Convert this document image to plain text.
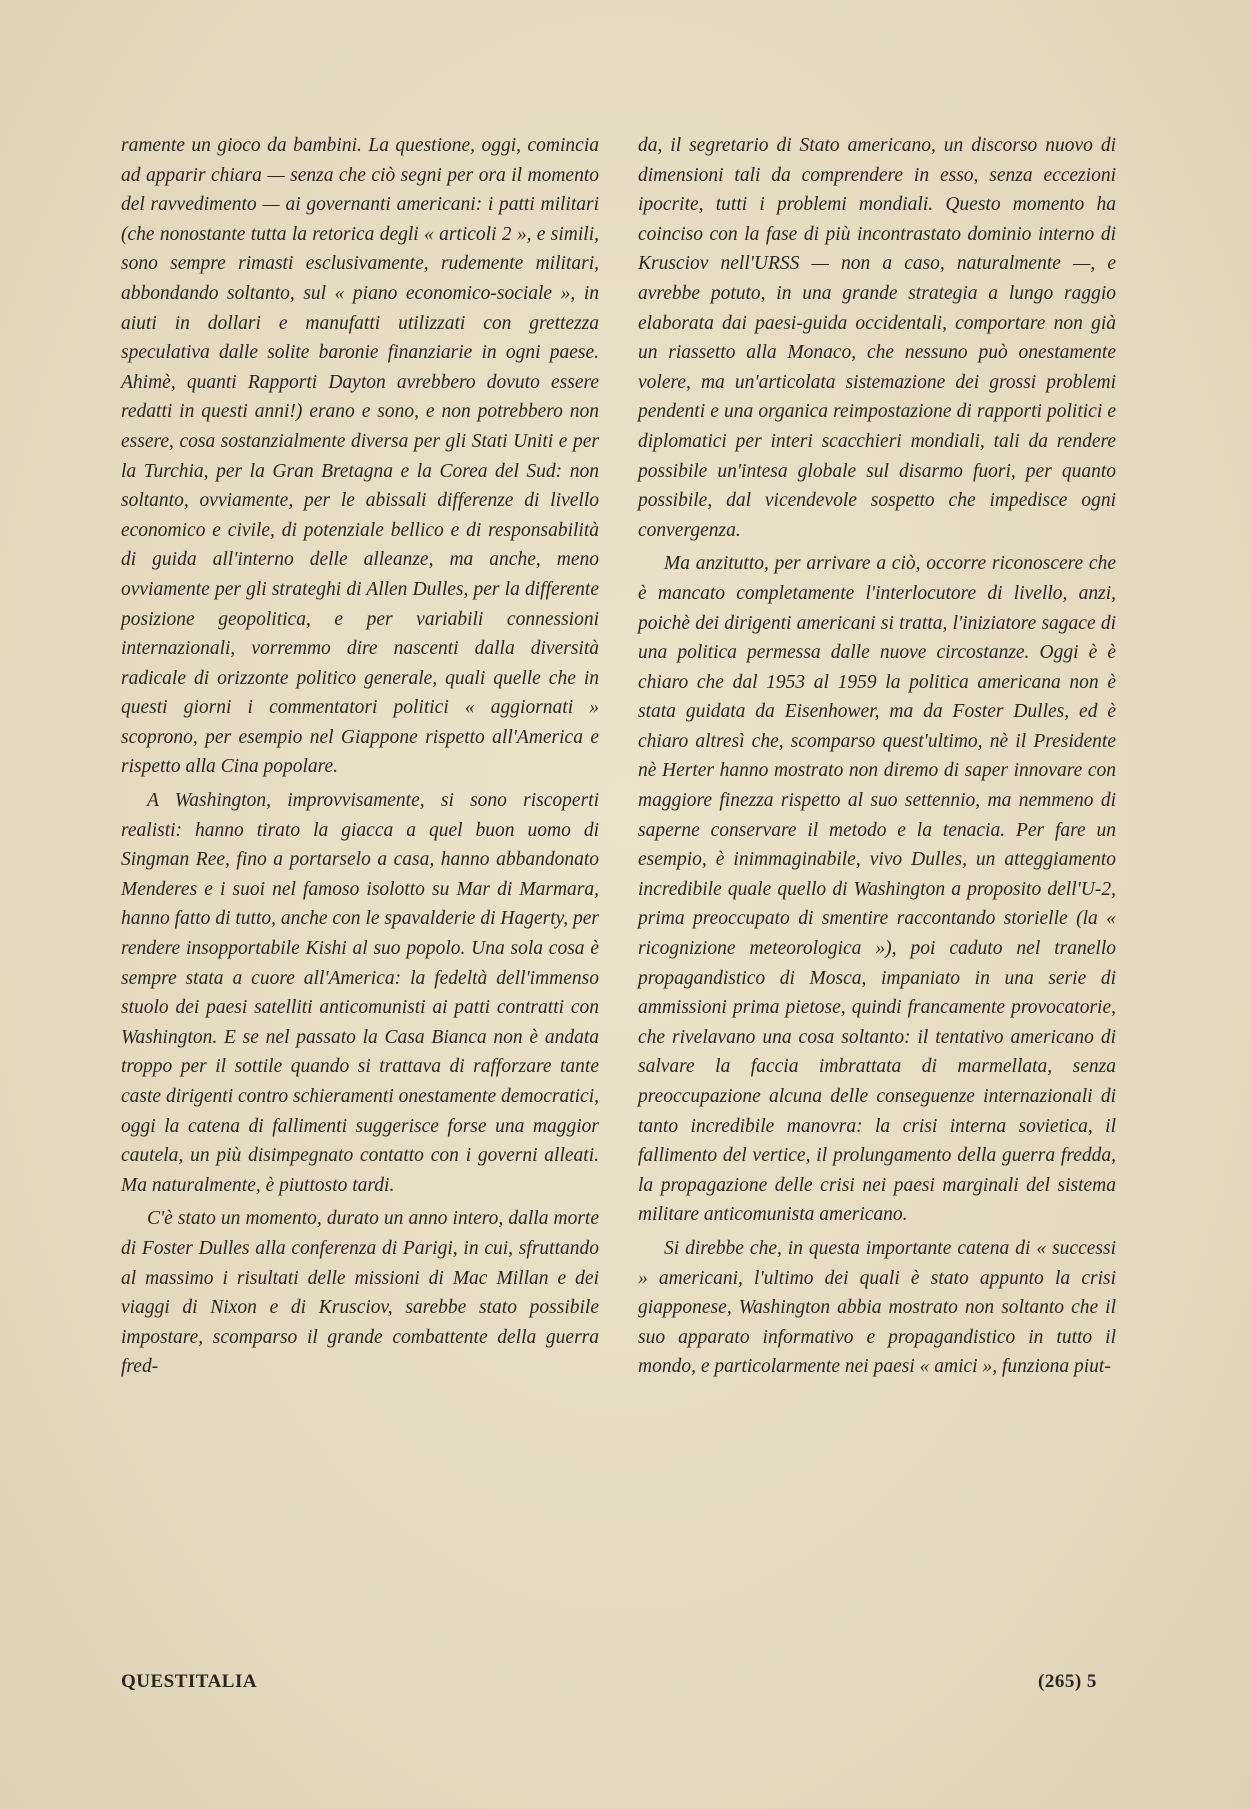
ramente un gioco da bambini. La questione, oggi, comincia ad apparir chiara — senza che ciò segni per ora il momento del ravvedimento — ai governanti americani: i patti militari (che nonostante tutta la retorica degli « articoli 2 », e simili, sono sempre rimasti esclusivamente, rudemente militari, abbondando soltanto, sul « piano economico-sociale », in aiuti in dollari e manufatti utilizzati con grettezza speculativa dalle solite baronie finanziarie in ogni paese. Ahimè, quanti Rapporti Dayton avrebbero dovuto essere redatti in questi anni!) erano e sono, e non potrebbero non essere, cosa sostanzialmente diversa per gli Stati Uniti e per la Turchia, per la Gran Bretagna e la Corea del Sud: non soltanto, ovviamente, per le abissali differenze di livello economico e civile, di potenziale bellico e di responsabilità di guida all'interno delle alleanze, ma anche, meno ovviamente per gli strateghi di Allen Dulles, per la differente posizione geopolitica, e per variabili connessioni internazionali, vorremmo dire nascenti dalla diversità radicale di orizzonte politico generale, quali quelle che in questi giorni i commentatori politici « aggiornati » scoprono, per esempio nel Giappone rispetto all'America e rispetto alla Cina popolare.

A Washington, improvvisamente, si sono riscoperti realisti: hanno tirato la giacca a quel buon uomo di Singman Ree, fino a portarselo a casa, hanno abbandonato Menderes e i suoi nel famoso isolotto su Mar di Marmara, hanno fatto di tutto, anche con le spavalderie di Hagerty, per rendere insopportabile Kishi al suo popolo. Una sola cosa è sempre stata a cuore all'America: la fedeltà dell'immenso stuolo dei paesi satelliti anticomunisti ai patti contratti con Washington. E se nel passato la Casa Bianca non è andata troppo per il sottile quando si trattava di rafforzare tante caste dirigenti contro schieramenti onestamente democratici, oggi la catena di fallimenti suggerisce forse una maggior cautela, un più disimpegnato contatto con i governi alleati. Ma naturalmente, è piuttosto tardi.

C'è stato un momento, durato un anno intero, dalla morte di Foster Dulles alla conferenza di Parigi, in cui, sfruttando al massimo i risultati delle missioni di Mac Millan e dei viaggi di Nixon e di Krusciov, sarebbe stato possibile impostare, scomparso il grande combattente della guerra fred-

da, il segretario di Stato americano, un discorso nuovo di dimensioni tali da comprendere in esso, senza eccezioni ipocrite, tutti i problemi mondiali. Questo momento ha coinciso con la fase di più incontrastato dominio interno di Krusciov nell'URSS — non a caso, naturalmente —, e avrebbe potuto, in una grande strategia a lungo raggio elaborata dai paesi-guida occidentali, comportare non già un riassetto alla Monaco, che nessuno può onestamente volere, ma un'articolata sistemazione dei grossi problemi pendenti e una organica reimpostazione di rapporti politici e diplomatici per interi scacchieri mondiali, tali da rendere possibile un'intesa globale sul disarmo fuori, per quanto possibile, dal vicendevole sospetto che impedisce ogni convergenza.

Ma anzitutto, per arrivare a ciò, occorre riconoscere che è mancato completamente l'interlocutore di livello, anzi, poichè dei dirigenti americani si tratta, l'iniziatore sagace di una politica permessa dalle nuove circostanze. Oggi è è chiaro che dal 1953 al 1959 la politica americana non è stata guidata da Eisenhower, ma da Foster Dulles, ed è chiaro altresì che, scomparso quest'ultimo, nè il Presidente nè Herter hanno mostrato non diremo di saper innovare con maggiore finezza rispetto al suo settennio, ma nemmeno di saperne conservare il metodo e la tenacia. Per fare un esempio, è inimmaginabile, vivo Dulles, un atteggiamento incredibile quale quello di Washington a proposito dell'U-2, prima preoccupato di smentire raccontando storielle (la « ricognizione meteorologica »), poi caduto nel tranello propagandistico di Mosca, impaniato in una serie di ammissioni prima pietose, quindi francamente provocatorie, che rivelavano una cosa soltanto: il tentativo americano di salvare la faccia imbrattata di marmellata, senza preoccupazione alcuna delle conseguenze internazionali di tanto incredibile manovra: la crisi interna sovietica, il fallimento del vertice, il prolungamento della guerra fredda, la propagazione delle crisi nei paesi marginali del sistema militare anticomunista americano.

Si direbbe che, in questa importante catena di « successi » americani, l'ultimo dei quali è stato appunto la crisi giapponese, Washington abbia mostrato non soltanto che il suo apparato informativo e propagandistico in tutto il mondo, e particolarmente nei paesi « amici », funziona piut-

QUESTITALIA	(265) 5
